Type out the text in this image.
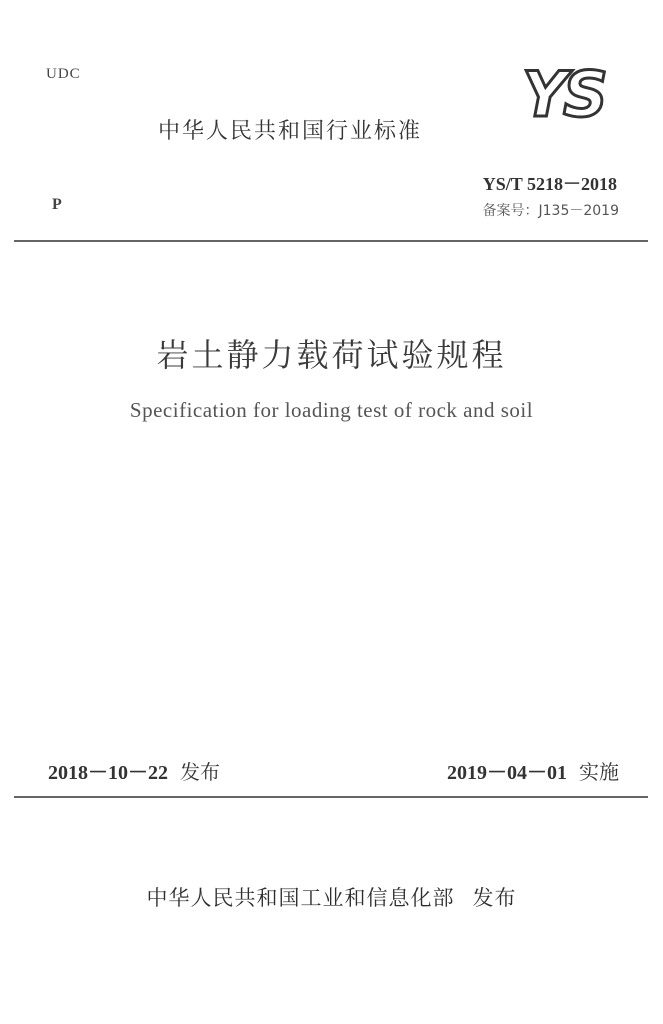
UDC
中华人民共和国行业标准
YS
YS/T 5218－2018
P	备案号：J135－2019
岩土静力载荷试验规程
Specification for loading test of rock and soil
2018－10－22 发布	2019－04－01 实施
中华人民共和国工业和信息化部 发布
